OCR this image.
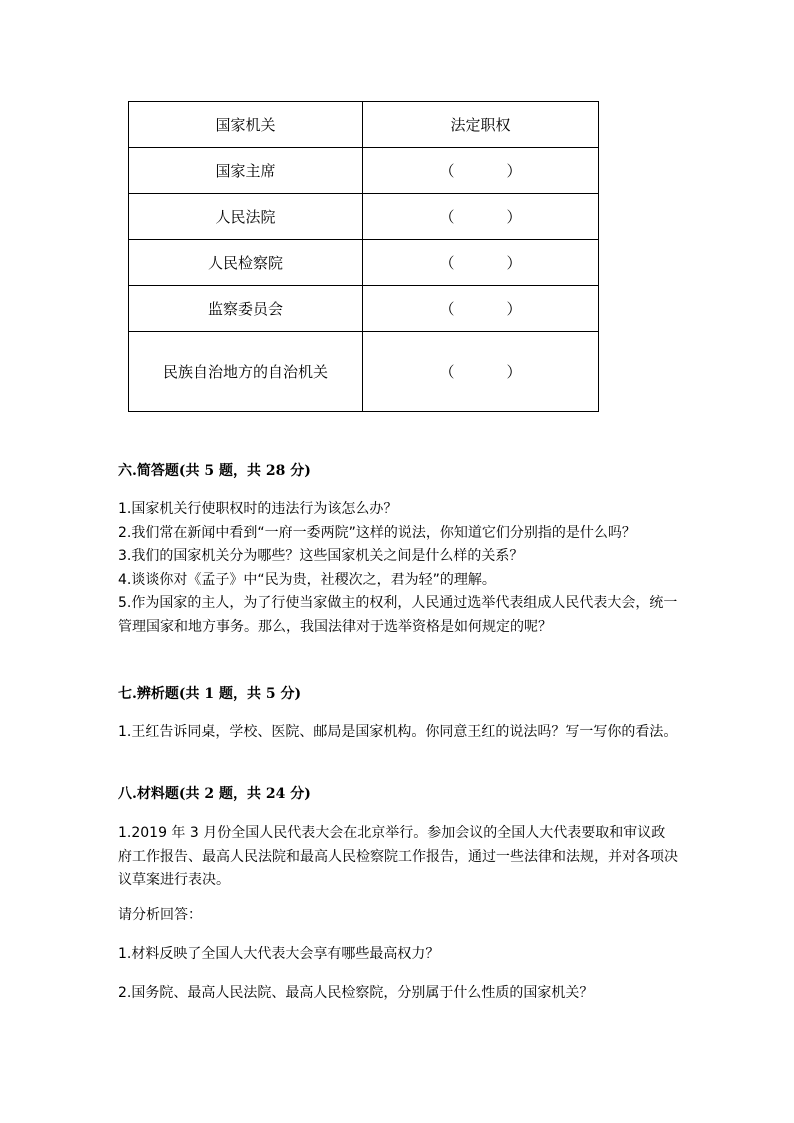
国家机关	法定职权
国家主席	（ ）
人民法院	（ ）
人民检察院	（ ）
监察委员会	（ ）
民族自治地方的自治机关	（ ）
六.简答题(共 5 题，共 28 分)

1.国家机关行使职权时的违法行为该怎么办？

2.我们常在新闻中看到“一府一委两院”这样的说法，你知道它们分别指的是什么吗？

3.我们的国家机关分为哪些？这些国家机关之间是什么样的关系？

4.谈谈你对《孟子》中“民为贵，社稷次之，君为轻”的理解。

5.作为国家的主人，为了行使当家做主的权利，人民通过选举代表组成人民代表大会，统一管理国家和地方事务。那么，我国法律对于选举资格是如何规定的呢？

七.辨析题(共 1 题，共 5 分)
1.王红告诉同桌，学校、医院、邮局是国家机构。你同意王红的说法吗？写一写你的看法。
八.材料题(共 2 题，共 24 分)
1.2019 年 3 月份全国人民代表大会在北京举行。参加会议的全国人大代表要取和审议政府工作报告、最高人民法院和最高人民检察院工作报告，通过一些法律和法规，并对各项决议草案进行表决。
请分析回答：
1.材料反映了全国人大代表大会享有哪些最高权力？
2.国务院、最高人民法院、最高人民检察院，分别属于什么性质的国家机关？
